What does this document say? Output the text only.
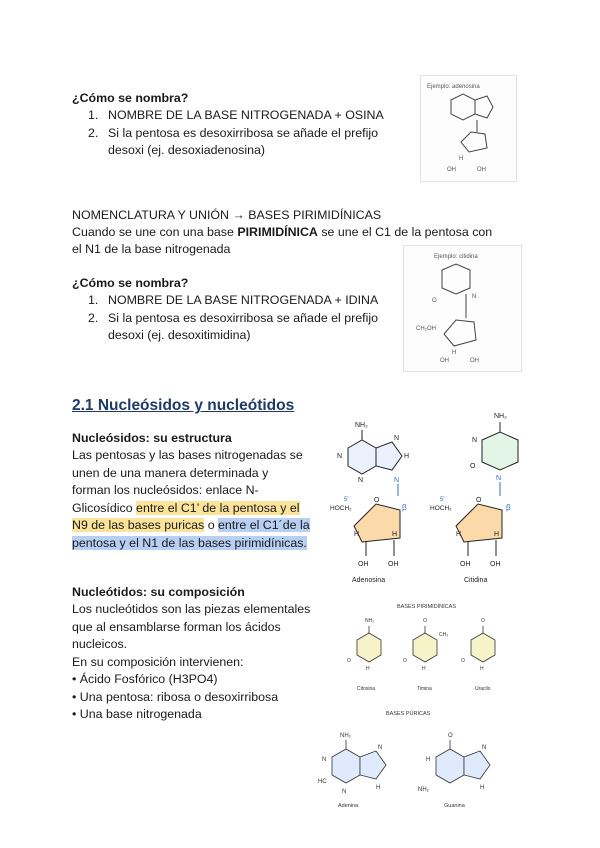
¿Cómo se nombra?
1. NOMBRE DE LA BASE NITROGENADA + OSINA
2. Si la pentosa es desoxirribosa se añade el prefijo
desoxi (ej. desoxiadenosina)
Ejemplo: adenosina
OH	OH
H
NOMENCLATURA Y UNIÓN → BASES PIRIMIDÍNICAS
Cuando se une con una base PIRIMIDÍNICA se une el C1 de la pentosa con
el N1 de la base nitrogenada
¿Cómo se nombra?
1. NOMBRE DE LA BASE NITROGENADA + IDINA
2. Si la pentosa es desoxirribosa se añade el prefijo
desoxi (ej. desoxitimidina)
Ejemplo: citidina
O
N
CH₂OH
OH	OH
H
2.1 Nucleósidos y nucleótidos
Nucleósidos: su estructura
Las pentosas y las bases nitrogenadas se
unen de una manera determinada y
forman los nucleósidos: enlace N-
Glicosídico entre el C1’ de la pentosa y el
N9 de las bases puricas o entre el C1´de la
pentosa y el N1 de las bases pirimidínicas.
NH₂
N
N
H
N	N
β
O
HOCH₂
5'
H	H
OH	OH
Adenosina
NH₂
O
N
N
β
O
HOCH₂
5'
H	H
OH	OH
Citidina
Nucleótidos: su composición
Los nucleótidos son las piezas elementales
que al ensamblarse forman los ácidos
nucleicos.
En su composición intervienen:
• Ácido Fosfórico (H3PO4)
• Una pentosa: ribosa o desoxirribosa
• Una base nitrogenada
BASES PIRIMIDÍNICAS
NH₂
O
H
Citosina
O
CH₃
O
H
Timina
O
O
H
Uracilo
BASES PÚRICAS
NH₂
N
HC
N
H
N
Adenina
O
H
N
H
NH₂
Guanina
